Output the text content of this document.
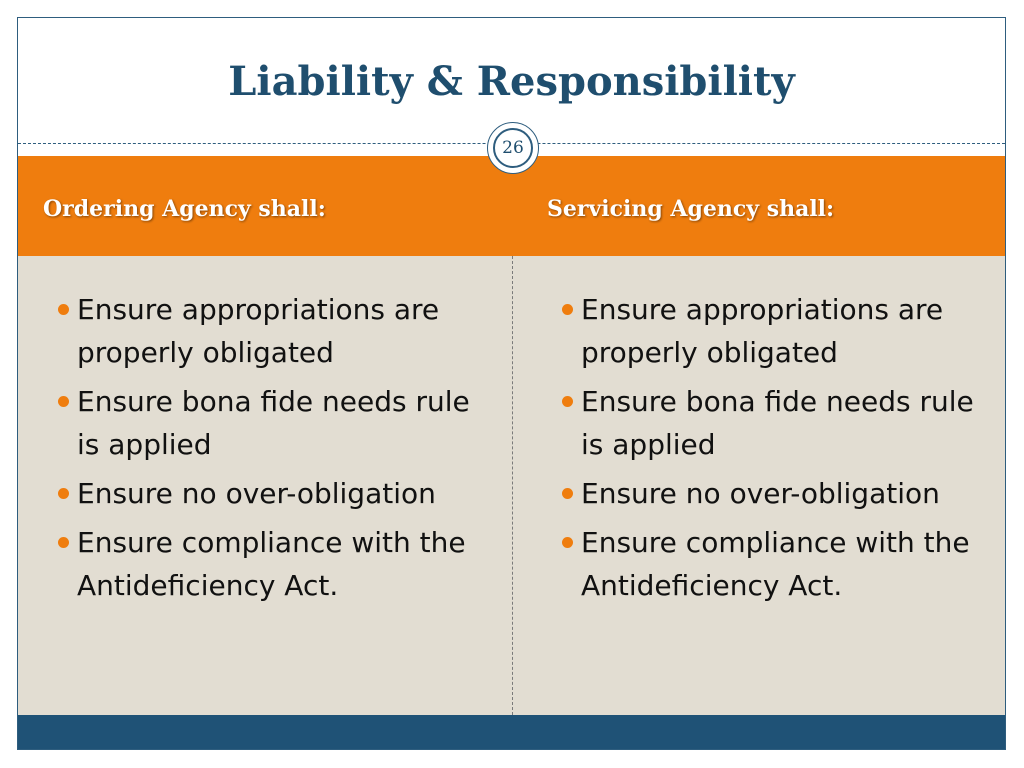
Liability & Responsibility
Ordering Agency shall:	Servicing Agency shall:
26
Ensure appropriations are properly obligated
Ensure bona fide needs rule is applied
Ensure no over-obligation
Ensure compliance with the Antideficiency Act.
Ensure appropriations are properly obligated
Ensure bona fide needs rule is applied
Ensure no over-obligation
Ensure compliance with the Antideficiency Act.
